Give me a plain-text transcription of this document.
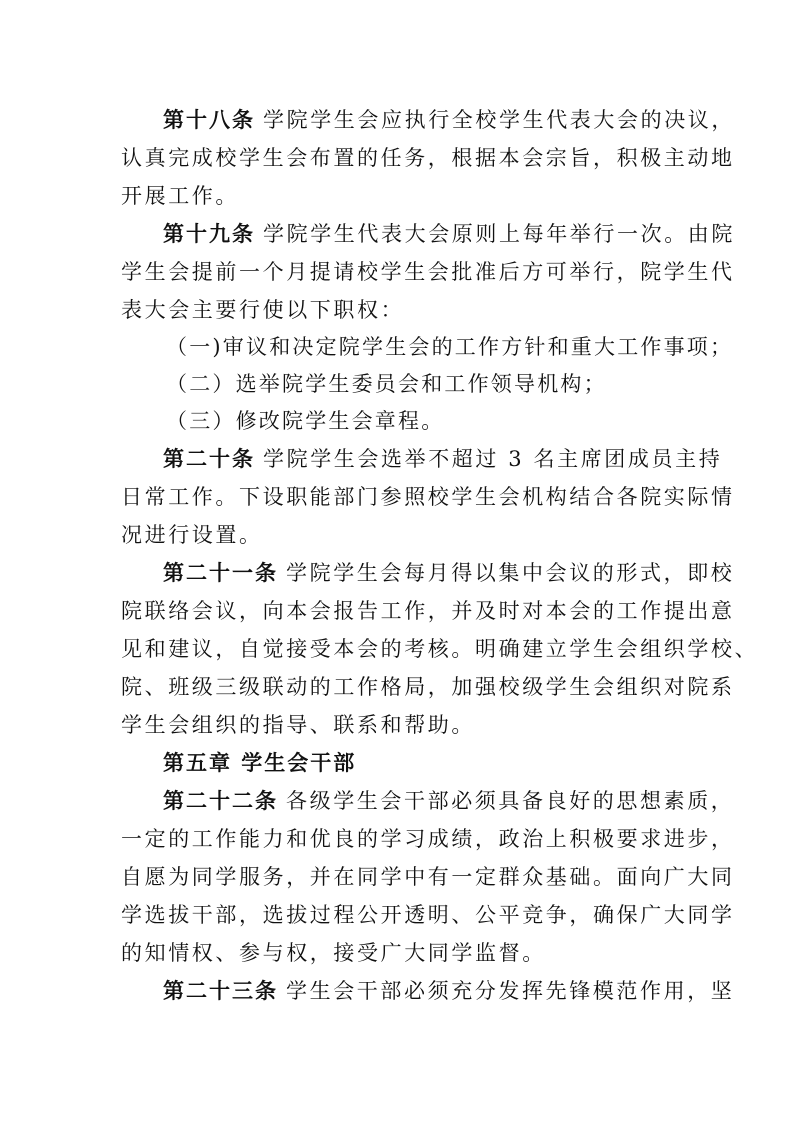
第十八条 学院学生会应执行全校学生代表大会的决议，
认真完成校学生会布置的任务，根据本会宗旨，积极主动地
开展工作。
第十九条 学院学生代表大会原则上每年举行一次。由院
学生会提前一个月提请校学生会批准后方可举行，院学生代
表大会主要行使以下职权：
（一)审议和决定院学生会的工作方针和重大工作事项；
（二）选举院学生委员会和工作领导机构；
（三）修改院学生会章程。
第二十条 学院学生会选举不超过 3 名主席团成员主持
日常工作。下设职能部门参照校学生会机构结合各院实际情
况进行设置。
第二十一条 学院学生会每月得以集中会议的形式，即校
院联络会议，向本会报告工作，并及时对本会的工作提出意
见和建议，自觉接受本会的考核。明确建立学生会组织学校、
院、班级三级联动的工作格局，加强校级学生会组织对院系
学生会组织的指导、联系和帮助。
第五章 学生会干部
第二十二条 各级学生会干部必须具备良好的思想素质，
一定的工作能力和优良的学习成绩，政治上积极要求进步，
自愿为同学服务，并在同学中有一定群众基础。面向广大同
学选拔干部，选拔过程公开透明、公平竞争，确保广大同学
的知情权、参与权，接受广大同学监督。
第二十三条 学生会干部必须充分发挥先锋模范作用，坚
